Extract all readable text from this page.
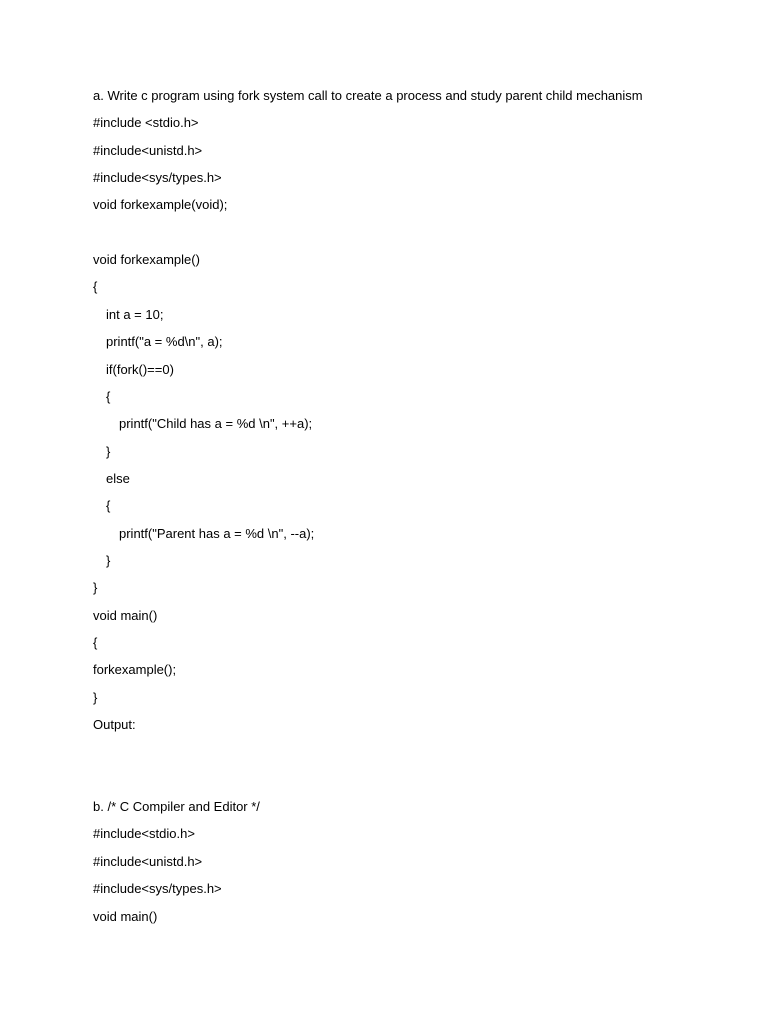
a. Write c program using fork system call to create a process and study parent child mechanism
#include <stdio.h>
#include<unistd.h>
#include<sys/types.h>
void forkexample(void);
void forkexample()
{
int a = 10;
printf("a = %d\n", a);
if(fork()==0)
{
printf("Child has a = %d \n", ++a);
}
else
{
printf("Parent has a = %d \n", --a);
}
}
void main()
{
forkexample();
}
Output:
b. /* C Compiler and Editor */
#include<stdio.h>
#include<unistd.h>
#include<sys/types.h>
void main()
